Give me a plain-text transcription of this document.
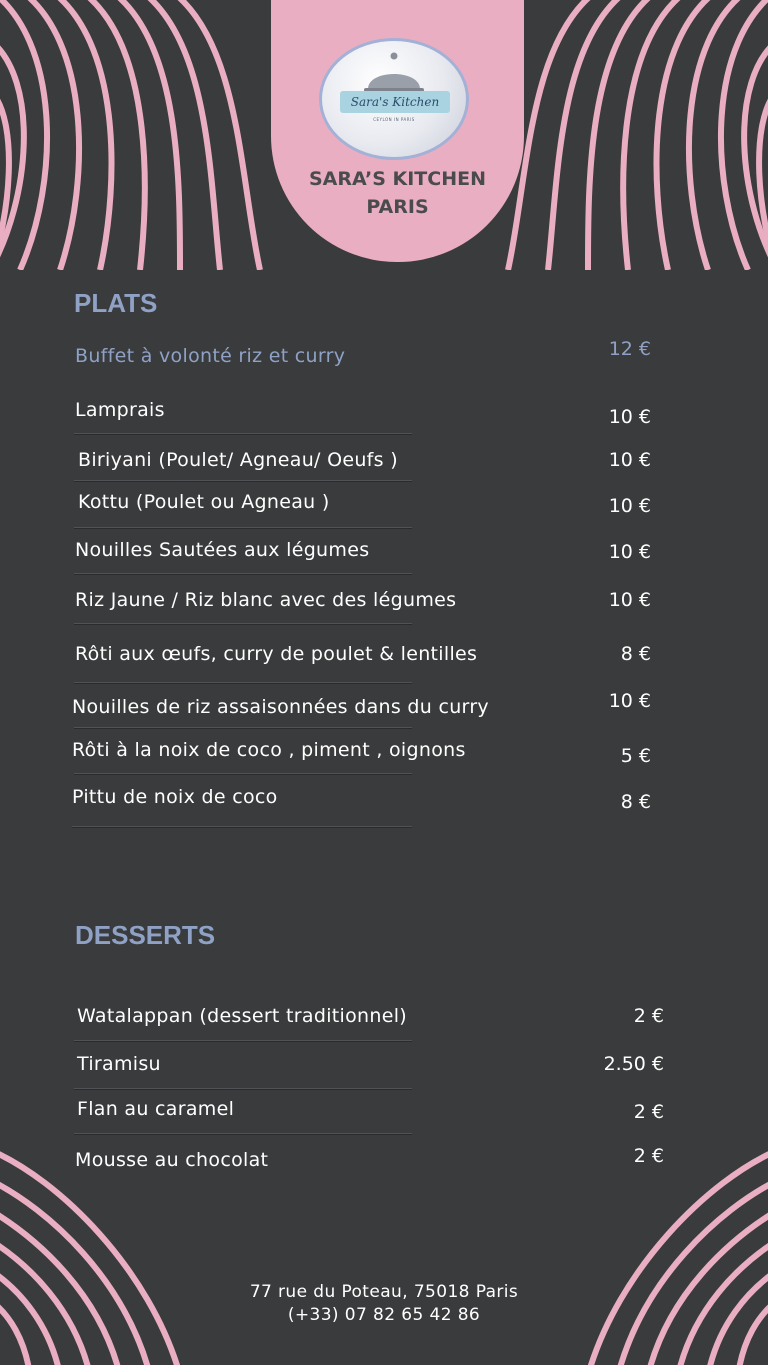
Sara's Kitchen
CEYLON IN PARIS
SARA’S KITCHEN
PARIS
PLATS
Buffet à volonté riz et curry	12 €
Lamprais	10 €
Biriyani (Poulet/ Agneau/ Oeufs )	10 €
Kottu (Poulet ou Agneau )	10 €
Nouilles Sautées aux légumes	10 €
Riz Jaune / Riz blanc avec des légumes	10 €
Rôti aux œufs, curry de poulet & lentilles	8 €
Nouilles de riz assaisonnées dans du curry	10 €
Rôti à la noix de coco , piment , oignons	5 €
Pittu de noix de coco	8 €
DESSERTS
Watalappan (dessert traditionnel)	2 €
Tiramisu	2.50 €
Flan au caramel	2 €
Mousse au chocolat	2 €
77 rue du Poteau, 75018 Paris
(+33) 07 82 65 42 86
